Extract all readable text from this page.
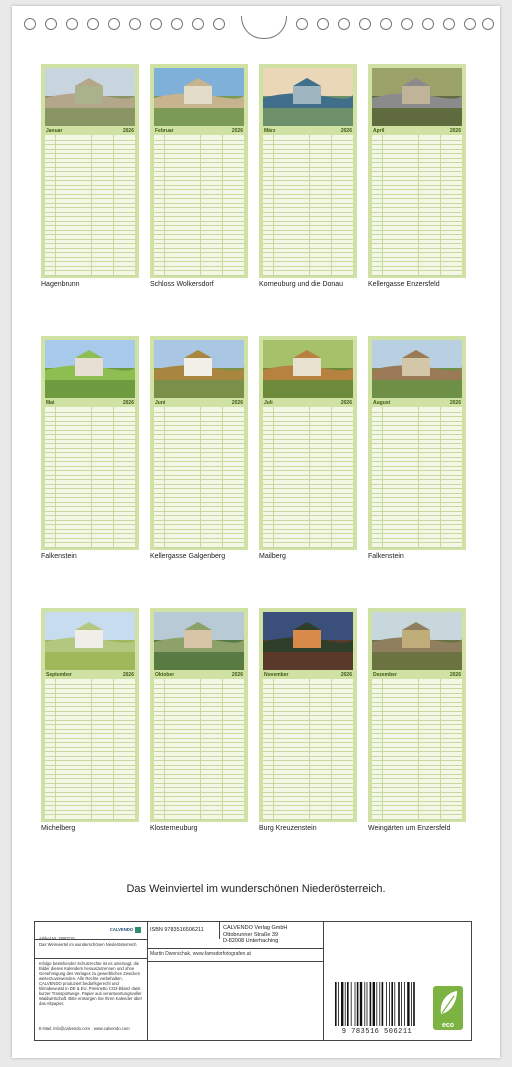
Januar	2026
Hagenbrunn
Februar	2026
Schloss Wolkersdorf
März	2026
Korneuburg und die Donau
April	2026
Kellergasse Enzersfeld
Mai	2026
Falkenstein
Juni	2026
Kellergasse Galgenberg
Juli	2026
Mailberg
August	2026
Falkenstein
September	2026
Michelberg
Oktober	2026
Klosterneuburg
November	2026
Burg Kreuzenstein
Dezember	2026
Weingärten um Enzersfeld
Das Weinviertel im wunderschönen Niederösterreich.
Artikel Nr. 2660710
CALVENDO
Das Weinviertel im wunderschönen Niederösterreich
Infolge bestehender Schutzrechte ist es untersagt, die Bilder dieses Kalenders herauszutrennen und ohne Genehmigung des Verlages zu gewerblichen Zwecken weiterzuverwenden. Alle Rechte vorbehalten. CALVENDO produziert bedarfsgerecht und klimabewusst in DE & EU. Preisnetto CO2-Bilanz dank kurzer Transportwege. Papier aus verantwortungsvoller Waldwirtschaft. Bitte entsorgen Sie Ihren Kalender über das Altpapier.
E-Mail: info@calvendo.com · www.calvendo.com
ISBN 9783516506211	CALVENDO Verlag GmbH
Ottobrunner Straße 39
D-82008 Unterhaching
Martin Dworschak, www.famsdorfotografen.at
9 783516 506211
eco
